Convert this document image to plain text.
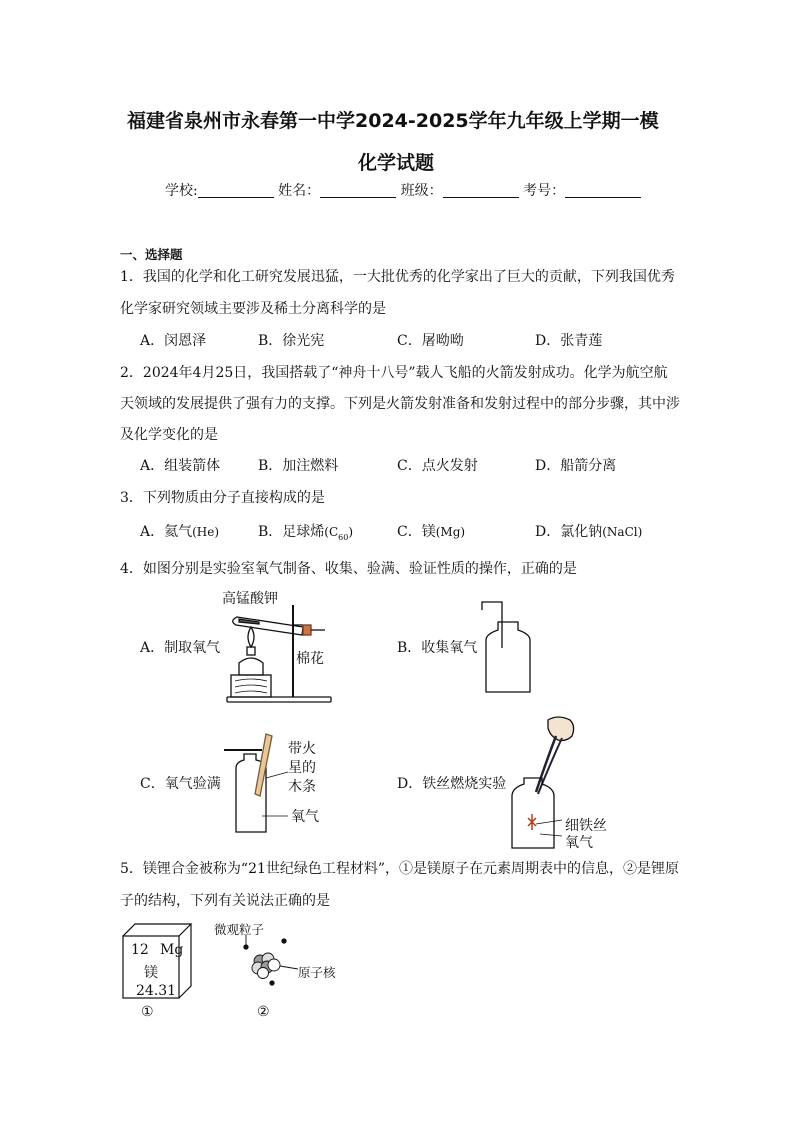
福建省泉州市永春第一中学2024-2025学年九年级上学期一模
化学试题
学校:	姓名：	班级：	考号：
一、选择题
1．我国的化学和化工研究发展迅猛，一大批优秀的化学家出了巨大的贡献，下列我国优秀
化学家研究领域主要涉及稀土分离科学的是
A．闵恩泽	B．徐光宪	C．屠呦呦	D．张青莲
2．2024年4月25日，我国搭载了“神舟十八号”载人飞船的火箭发射成功。化学为航空航
天领域的发展提供了强有力的支撑。下列是火箭发射准备和发射过程中的部分步骤，其中涉
及化学变化的是
A．组装箭体	B．加注燃料	C．点火发射	D．船箭分离
3．下列物质由分子直接构成的是
A．氦气(He)	B．足球烯$(C_{60})$	C．镁(Mg)	D．氯化钠(NaCl)
4．如图分别是实验室氧气制备、收集、验满、验证性质的操作，正确的是
A．制取氧气
高锰酸钾
棉花
B．收集氧气
C．氧气验满
带火
星的
木条
氧气
D．铁丝燃烧实验
细铁丝
氧气
5．镁锂合金被称为“21世纪绿色工程材料”，①是镁原子在元素周期表中的信息，②是锂原
子的结构，下列有关说法正确的是
12 Mg
镁
24.31
①
微观粒子
原子核
②
